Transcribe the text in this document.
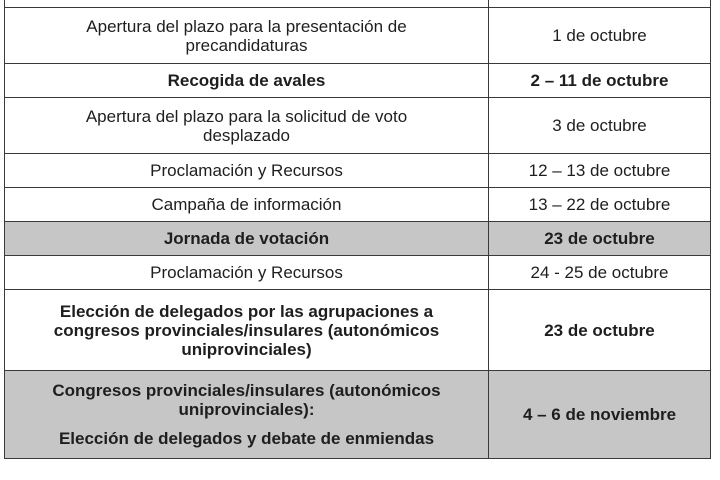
Apertura del plazo para la presentación de
precandidaturas	1 de octubre
Recogida de avales	2 – 11 de octubre

Apertura del plazo para la solicitud de voto
desplazado	3 de octubre
Proclamación y Recursos	12 – 13 de octubre
Campaña de información	13 – 22 de octubre
Jornada de votación	23 de octubre
Proclamación y Recursos	24 - 25 de octubre

Elección de delegados por las agrupaciones a
congresos provinciales/insulares (autonómicos
uniprovinciales)	23 de octubre

Congresos provinciales/insulares (autonómicos
uniprovinciales):
Elección de delegados y debate de enmiendas	4 – 6 de noviembre
